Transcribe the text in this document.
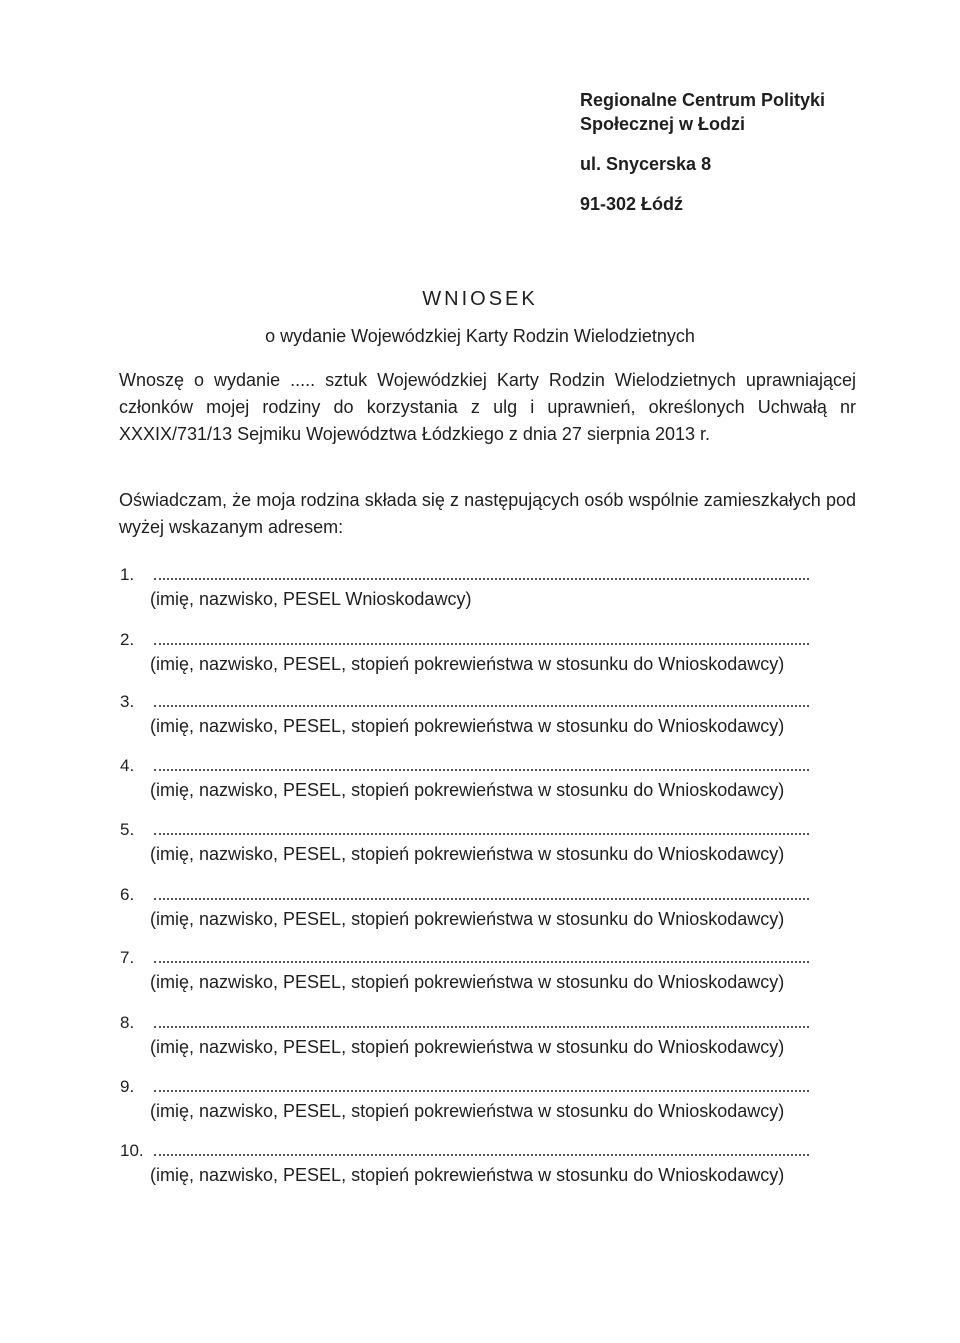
Regionalne Centrum Polityki
Społecznej w Łodzi
ul. Snycerska 8
91-302 Łódź
WNIOSEK
o wydanie Wojewódzkiej Karty Rodzin Wielodzietnych
Wnoszę o wydanie ..... sztuk Wojewódzkiej Karty Rodzin Wielodzietnych uprawniającej członków mojej rodziny do korzystania z ulg i uprawnień, określonych Uchwałą nr XXXIX/731/13 Sejmiku Województwa Łódzkiego z dnia 27 sierpnia 2013 r.
Oświadczam, że moja rodzina składa się z następujących osób wspólnie zamieszkałych pod wyżej wskazanym adresem:
1.
(imię, nazwisko, PESEL Wnioskodawcy)
2.
(imię, nazwisko, PESEL, stopień pokrewieństwa w stosunku do Wnioskodawcy)
3.
(imię, nazwisko, PESEL, stopień pokrewieństwa w stosunku do Wnioskodawcy)
4.
(imię, nazwisko, PESEL, stopień pokrewieństwa w stosunku do Wnioskodawcy)
5.
(imię, nazwisko, PESEL, stopień pokrewieństwa w stosunku do Wnioskodawcy)
6.
(imię, nazwisko, PESEL, stopień pokrewieństwa w stosunku do Wnioskodawcy)
7.
(imię, nazwisko, PESEL, stopień pokrewieństwa w stosunku do Wnioskodawcy)
8.
(imię, nazwisko, PESEL, stopień pokrewieństwa w stosunku do Wnioskodawcy)
9.
(imię, nazwisko, PESEL, stopień pokrewieństwa w stosunku do Wnioskodawcy)
10.
(imię, nazwisko, PESEL, stopień pokrewieństwa w stosunku do Wnioskodawcy)
